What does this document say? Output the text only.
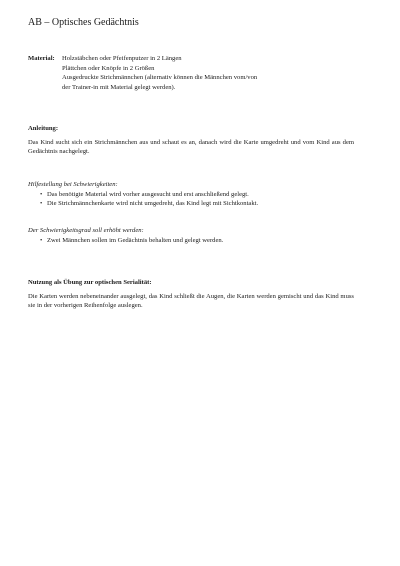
AB – Optisches Gedächtnis
Material:	Holzstäbchen oder Pfeifenputzer in 2 Längen
Plättchen oder Knöpfe in 2 Größen
Ausgedruckte Strichmännchen (alternativ können die Männchen vom/von
der Trainer-in mit Material gelegt werden).
Anleitung:
Das Kind sucht sich ein Strichmännchen aus und schaut es an, danach wird die Karte umgedreht und vom Kind aus dem Gedächtnis nachgelegt.
Hilfestellung bei Schwierigkeiten:
• Das benötigte Material wird vorher ausgesucht und erst anschließend gelegt.
• Die Strichmännchenkarte wird nicht umgedreht, das Kind legt mit Sichtkontakt.
Der Schwierigkeitsgrad soll erhöht werden:
• Zwei Männchen sollen im Gedächtnis behalten und gelegt werden.
Nutzung als Übung zur optischen Serialität:
Die Karten werden nebeneinander ausgelegt, das Kind schließt die Augen, die Karten werden gemischt und das Kind muss sie in der vorherigen Reihenfolge auslegen.
